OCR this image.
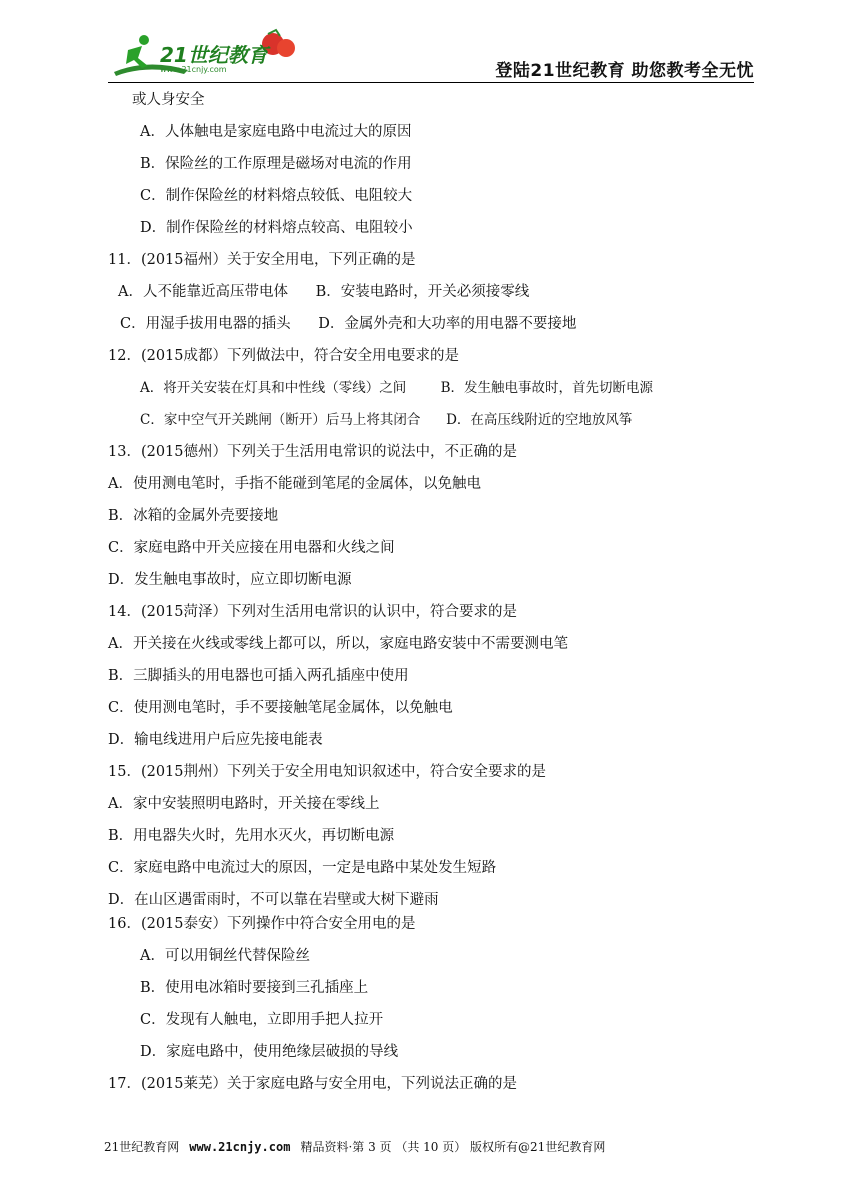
www.21cnjy.com
21世纪教育
登陆21世纪教育 助您教考全无忧
或人身安全
A．人体触电是家庭电路中电流过大的原因
B．保险丝的工作原理是磁场对电流的作用
C．制作保险丝的材料熔点较低、电阻较大
D．制作保险丝的材料熔点较高、电阻较小
11．(2015福州）关于安全用电，下列正确的是
A．人不能靠近高压带电体      B．安装电路时，开关必须接零线
C．用湿手拔用电器的插头      D．金属外壳和大功率的用电器不要接地
12．(2015成都）下列做法中，符合安全用电要求的是
A．将开关安装在灯具和中性线（零线）之间        B．发生触电事故时，首先切断电源
C．家中空气开关跳闸（断开）后马上将其闭合      D．在高压线附近的空地放风筝
13．(2015德州）下列关于生活用电常识的说法中，不正确的是
A．使用测电笔时，手指不能碰到笔尾的金属体，以免触电
B．冰箱的金属外壳要接地
C．家庭电路中开关应接在用电器和火线之间
D．发生触电事故时，应立即切断电源
14．(2015菏泽）下列对生活用电常识的认识中，符合要求的是
A．开关接在火线或零线上都可以，所以，家庭电路安装中不需要测电笔
B．三脚插头的用电器也可插入两孔插座中使用
C．使用测电笔时，手不要接触笔尾金属体，以免触电
D．输电线进用户后应先接电能表
15．(2015荆州）下列关于安全用电知识叙述中，符合安全要求的是
A．家中安装照明电路时，开关接在零线上
B．用电器失火时，先用水灭火，再切断电源
C．家庭电路中电流过大的原因，一定是电路中某处发生短路
D．在山区遇雷雨时，不可以靠在岩壁或大树下避雨
16．(2015泰安）下列操作中符合安全用电的是
A．可以用铜丝代替保险丝
B．使用电冰箱时要接到三孔插座上
C．发现有人触电，立即用手把人拉开
D．家庭电路中，使用绝缘层破损的导线
17．(2015莱芜）关于家庭电路与安全用电，下列说法正确的是
21世纪教育网 www.21cnjy.com 精品资料·第 3 页 （共 10 页） 版权所有@21世纪教育网
